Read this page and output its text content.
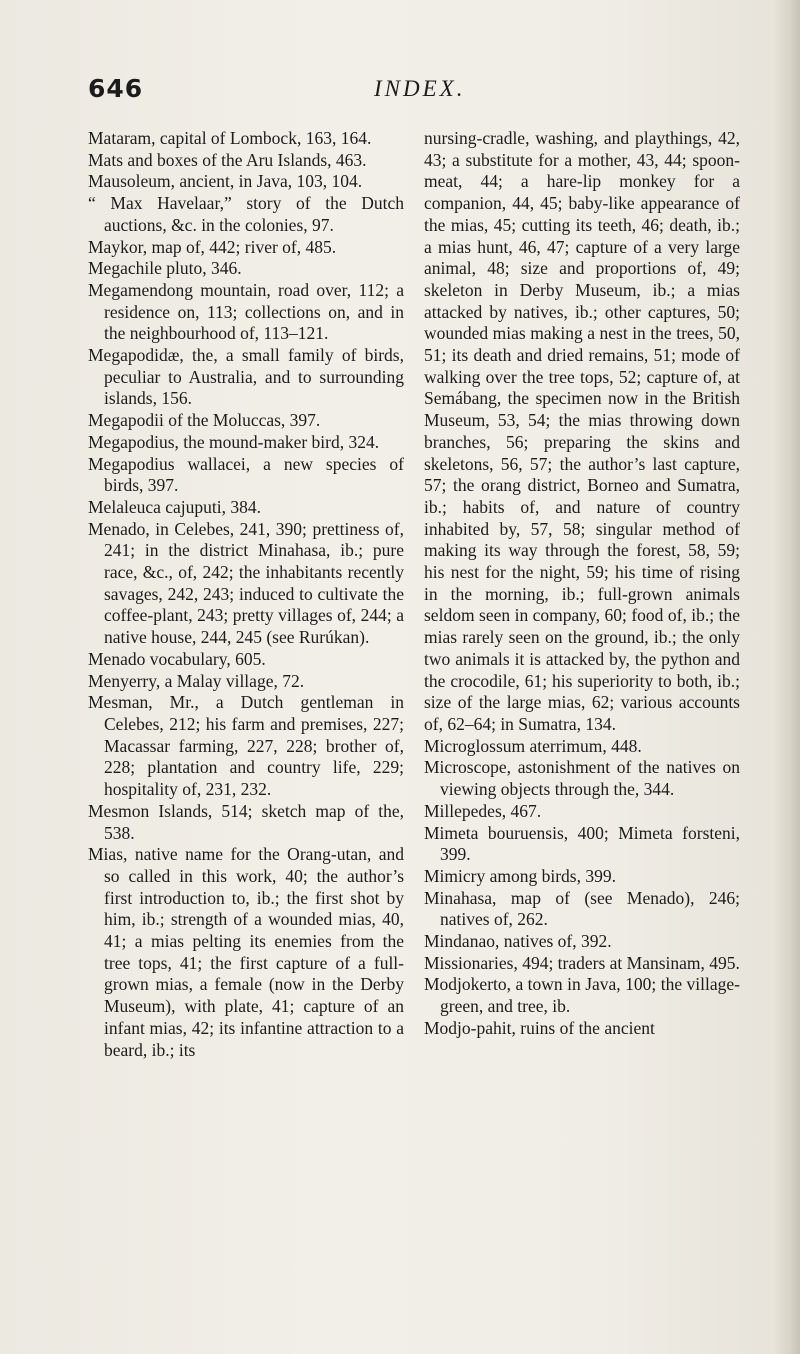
646	INDEX.

Mataram, capital of Lombock, 163, 164.

Mats and boxes of the Aru Islands, 463.

Mausoleum, ancient, in Java, 103, 104.

“ Max Havelaar,” story of the Dutch auctions, &c. in the colonies, 97.

Maykor, map of, 442; river of, 485.

Megachile pluto, 346.

Megamendong mountain, road over, 112; a residence on, 113; collections on, and in the neighbourhood of, 113–121.

Megapodidæ, the, a small family of birds, peculiar to Australia, and to surrounding islands, 156.

Megapodii of the Moluccas, 397.

Megapodius, the mound-maker bird, 324.

Megapodius wallacei, a new species of birds, 397.

Melaleuca cajuputi, 384.

Menado, in Celebes, 241, 390; prettiness of, 241; in the district Minahasa, ib.; pure race, &c., of, 242; the inhabitants recently savages, 242, 243; induced to cultivate the coffee-plant, 243; pretty villages of, 244; a native house, 244, 245 (see Rurúkan).

Menado vocabulary, 605.

Menyerry, a Malay village, 72.

Mesman, Mr., a Dutch gentleman in Celebes, 212; his farm and premises, 227; Macassar farming, 227, 228; brother of, 228; plantation and country life, 229; hospitality of, 231, 232.

Mesmon Islands, 514; sketch map of the, 538.

Mias, native name for the Orang-utan, and so called in this work, 40; the author’s first introduction to, ib.; the first shot by him, ib.; strength of a wounded mias, 40, 41; a mias pelting its enemies from the tree tops, 41; the first capture of a full-grown mias, a female (now in the Derby Museum), with plate, 41; capture of an infant mias, 42; its infantine attraction to a beard, ib.; its

nursing-cradle, washing, and playthings, 42, 43; a substitute for a mother, 43, 44; spoon-meat, 44; a hare-lip monkey for a companion, 44, 45; baby-like appearance of the mias, 45; cutting its teeth, 46; death, ib.; a mias hunt, 46, 47; capture of a very large animal, 48; size and proportions of, 49; skeleton in Derby Museum, ib.; a mias attacked by natives, ib.; other captures, 50; wounded mias making a nest in the trees, 50, 51; its death and dried remains, 51; mode of walking over the tree tops, 52; capture of, at Semábang, the specimen now in the British Museum, 53, 54; the mias throwing down branches, 56; preparing the skins and skeletons, 56, 57; the author’s last capture, 57; the orang district, Borneo and Sumatra, ib.; habits of, and nature of country inhabited by, 57, 58; singular method of making its way through the forest, 58, 59; his nest for the night, 59; his time of rising in the morning, ib.; full-grown animals seldom seen in company, 60; food of, ib.; the mias rarely seen on the ground, ib.; the only two animals it is attacked by, the python and the crocodile, 61; his superiority to both, ib.; size of the large mias, 62; various accounts of, 62–64; in Sumatra, 134.

Microglossum aterrimum, 448.

Microscope, astonishment of the natives on viewing objects through the, 344.

Millepedes, 467.

Mimeta bouruensis, 400; Mimeta forsteni, 399.

Mimicry among birds, 399.

Minahasa, map of (see Menado), 246; natives of, 262.

Mindanao, natives of, 392.

Missionaries, 494; traders at Mansinam, 495.

Modjokerto, a town in Java, 100; the village-green, and tree, ib.

Modjo-pahit, ruins of the ancient
